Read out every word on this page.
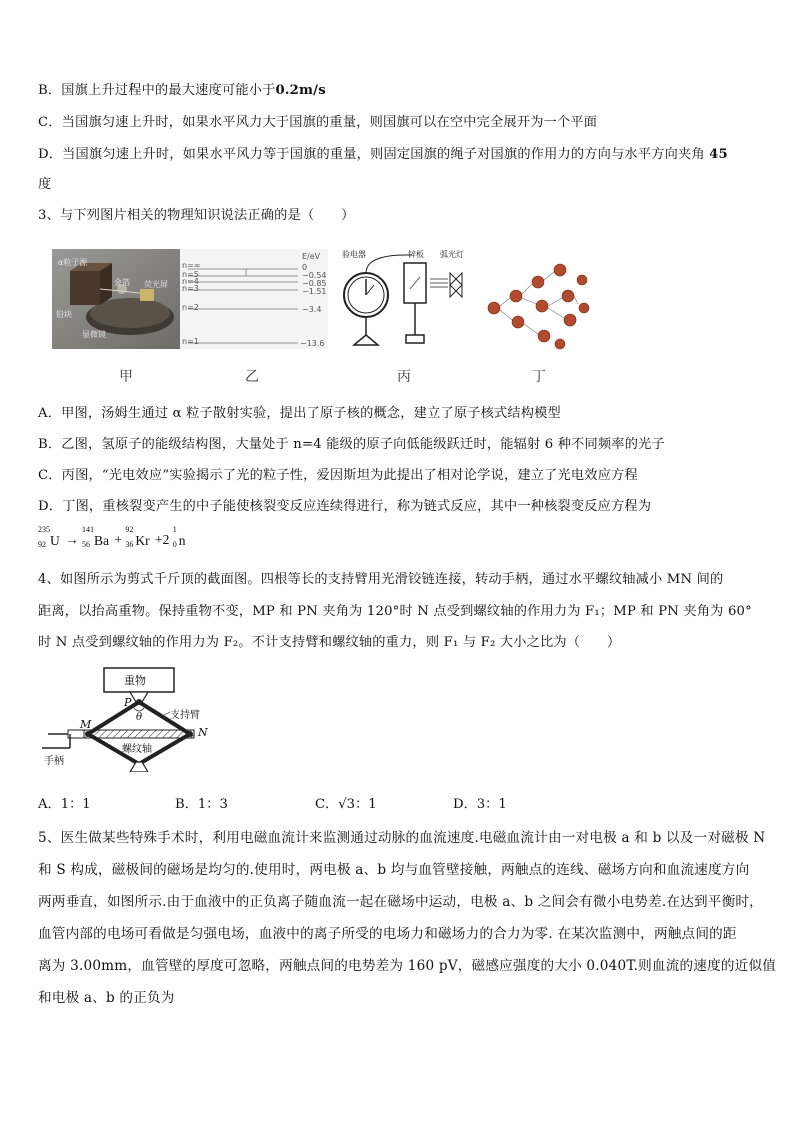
B．国旗上升过程中的最大速度可能小于0.2m/s
C．当国旗匀速上升时，如果水平风力大于国旗的重量，则国旗可以在空中完全展开为一个平面
D．当国旗匀速上升时，如果水平风力等于国旗的重量，则固定国旗的绳子对国旗的作用力的方向与水平方向夹角 45
度
3、与下列图片相关的物理知识说法正确的是（　　）
α粒子源
金箔 荧光屏
显微镜
铅块
n=∞
n=5
n=4
n=3
n=2
n=1
E/eV
0
−0.54
−0.85
−1.51
−3.4
−13.6
验电器	锌板 弧光灯
甲	乙	丙	丁
A．甲图，汤姆生通过 α 粒子散射实验，提出了原子核的概念，建立了原子核式结构模型
B．乙图，氢原子的能级结构图，大量处于 n=4 能级的原子向低能级跃迁时，能辐射 6 种不同频率的光子
C．丙图，“光电效应”实验揭示了光的粒子性，爱因斯坦为此提出了相对论学说，建立了光电效应方程
D．丁图，重核裂变产生的中子能使核裂变反应连续得进行，称为链式反应，其中一种核裂变反应方程为
235
92 U →
141
56 Ba +
92
36 Kr +2
1
0 n
4、如图所示为剪式千斤顶的截面图。四根等长的支持臂用光滑铰链连接，转动手柄，通过水平螺纹轴减小 MN 间的
距离，以抬高重物。保持重物不变，MP 和 PN 夹角为 120°时 N 点受到螺纹轴的作用力为 F₁；MP 和 PN 夹角为 60°
时 N 点受到螺纹轴的作用力为 F₂。不计支持臂和螺纹轴的重力，则 F₁ 与 F₂ 大小之比为（　　）
重物
支持臂
螺纹轴
手柄
M
N
P
θ
A．1：1	B．1：3	C．√3：1	D．3：1
5、医生做某些特殊手术时，利用电磁血流计来监测通过动脉的血流速度.电磁血流计由一对电极 a 和 b 以及一对磁极 N
和 S 构成，磁极间的磁场是均匀的.使用时，两电极 a、b 均与血管壁接触，两触点的连线、磁场方向和血流速度方向
两两垂直，如图所示.由于血液中的正负离子随血流一起在磁场中运动，电极 a、b 之间会有微小电势差.在达到平衡时，
血管内部的电场可看做是匀强电场，血液中的离子所受的电场力和磁场力的合力为零. 在某次监测中，两触点间的距
离为 3.00mm，血管壁的厚度可忽略，两触点间的电势差为 160 pV，磁感应强度的大小 0.040T.则血流的速度的近似值
和电极 a、b 的正负为
